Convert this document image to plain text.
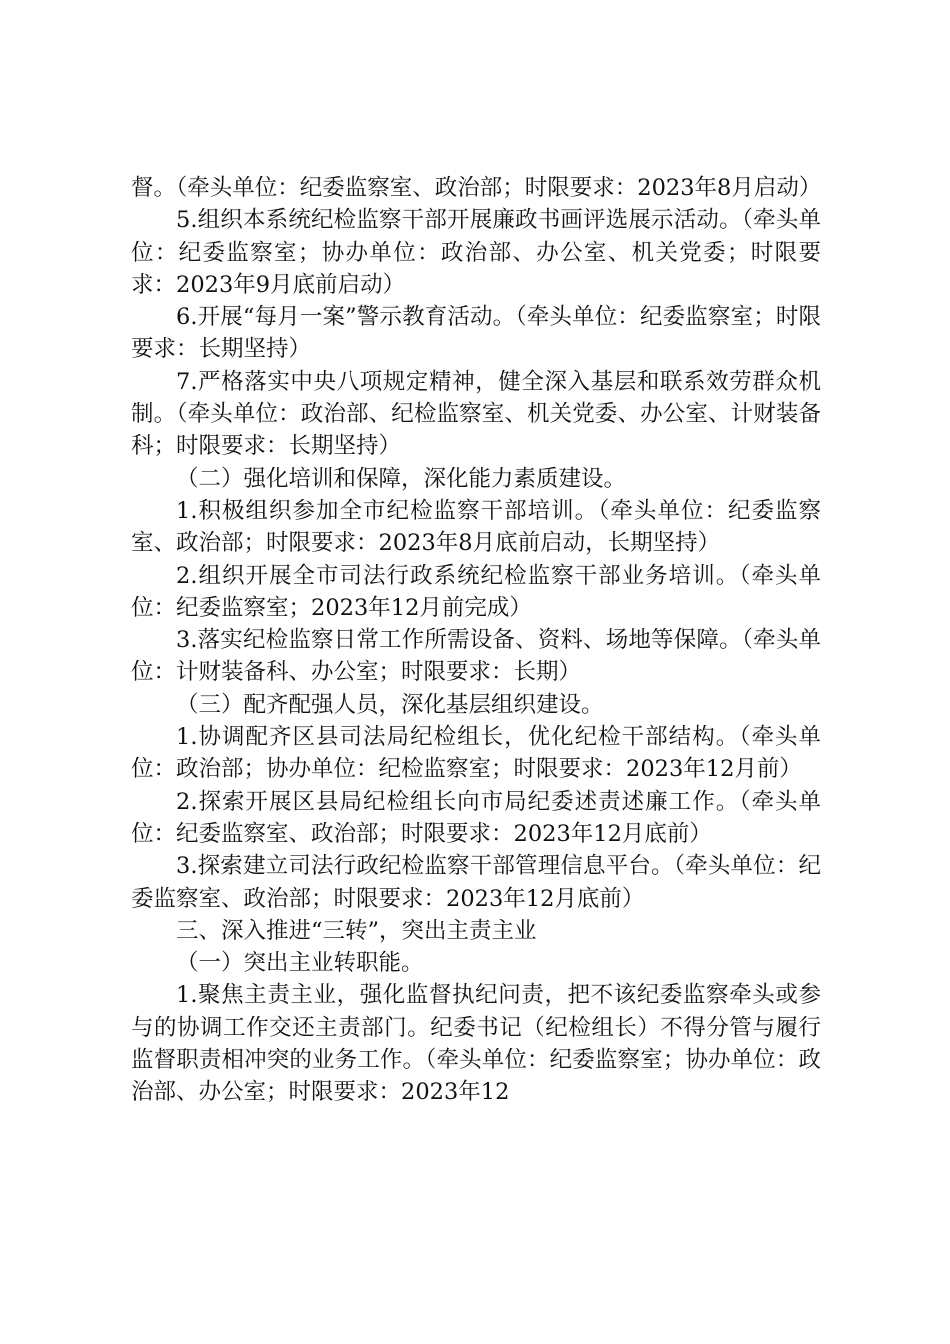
督。（牵头单位：纪委监察室、政治部；时限要求：2023年8月启动）

5.组织本系统纪检监察干部开展廉政书画评选展示活动。（牵头单位：纪委监察室；协办单位：政治部、办公室、机关党委；时限要求：2023年9月底前启动）

6.开展“每月一案”警示教育活动。（牵头单位：纪委监察室；时限要求：长期坚持）

7.严格落实中央八项规定精神，健全深入基层和联系效劳群众机制。（牵头单位：政治部、纪检监察室、机关党委、办公室、计财装备科；时限要求：长期坚持）

（二）强化培训和保障，深化能力素质建设。

1.积极组织参加全市纪检监察干部培训。（牵头单位：纪委监察室、政治部；时限要求：2023年8月底前启动，长期坚持）

2.组织开展全市司法行政系统纪检监察干部业务培训。（牵头单位：纪委监察室；2023年12月前完成）

3.落实纪检监察日常工作所需设备、资料、场地等保障。（牵头单位：计财装备科、办公室；时限要求：长期）

（三）配齐配强人员，深化基层组织建设。

1.协调配齐区县司法局纪检组长，优化纪检干部结构。（牵头单位：政治部；协办单位：纪检监察室；时限要求：2023年12月前）

2.探索开展区县局纪检组长向市局纪委述责述廉工作。（牵头单位：纪委监察室、政治部；时限要求：2023年12月底前）

3.探索建立司法行政纪检监察干部管理信息平台。（牵头单位：纪委监察室、政治部；时限要求：2023年12月底前）

三、深入推进“三转”，突出主责主业

（一）突出主业转职能。

1.聚焦主责主业，强化监督执纪问责，把不该纪委监察牵头或参与的协调工作交还主责部门。纪委书记（纪检组长）不得分管与履行监督职责相冲突的业务工作。（牵头单位：纪委监察室；协办单位：政治部、办公室；时限要求：2023年12
